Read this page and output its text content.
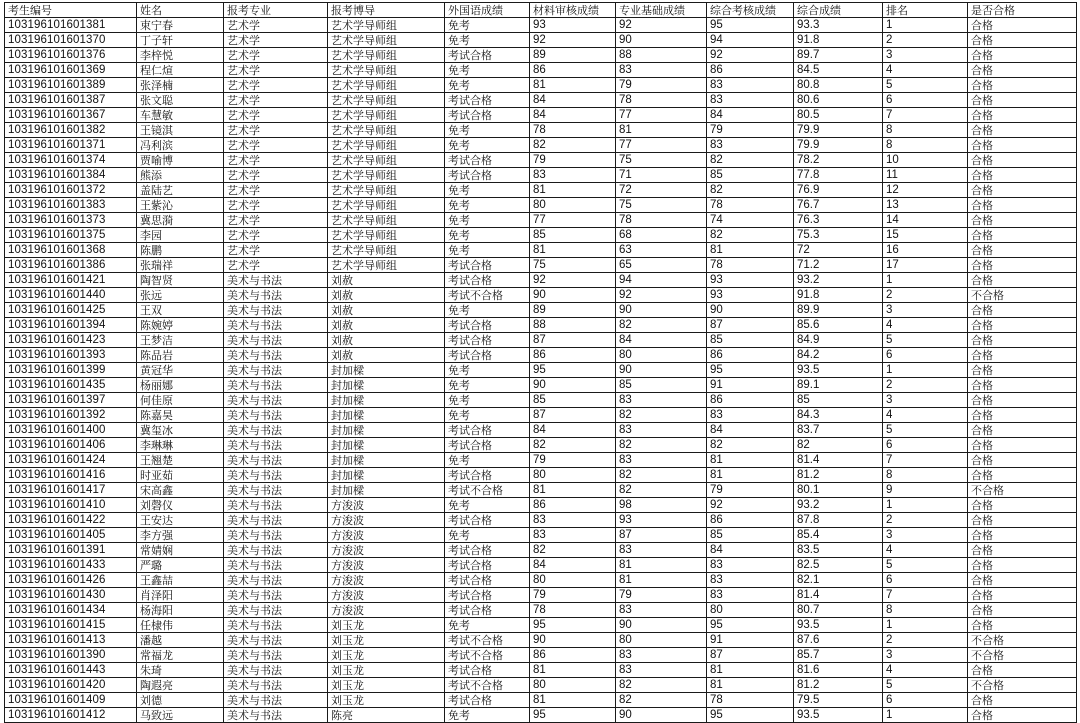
考生编号	姓名	报考专业	报考博导	外国语成绩	材料审核成绩	专业基础成绩	综合考核成绩	综合成绩	排名	是否合格
103196101601381	束宁春	艺术学	艺术学导师组	免考	93	92	95	93.3	1	合格
103196101601370	丁子轩	艺术学	艺术学导师组	免考	92	90	94	91.8	2	合格
103196101601376	李梓悦	艺术学	艺术学导师组	考试合格	89	88	92	89.7	3	合格
103196101601369	程仁煊	艺术学	艺术学导师组	免考	86	83	86	84.5	4	合格
103196101601389	张泽楠	艺术学	艺术学导师组	免考	81	79	83	80.8	5	合格
103196101601387	张文聪	艺术学	艺术学导师组	考试合格	84	78	83	80.6	6	合格
103196101601367	车慧敏	艺术学	艺术学导师组	考试合格	84	77	84	80.5	7	合格
103196101601382	王镜淇	艺术学	艺术学导师组	免考	78	81	79	79.9	8	合格
103196101601371	冯利滨	艺术学	艺术学导师组	免考	82	77	83	79.9	8	合格
103196101601374	贾喻博	艺术学	艺术学导师组	考试合格	79	75	82	78.2	10	合格
103196101601384	熊添	艺术学	艺术学导师组	考试合格	83	71	85	77.8	11	合格
103196101601372	盖陆艺	艺术学	艺术学导师组	免考	81	72	82	76.9	12	合格
103196101601383	王紫沁	艺术学	艺术学导师组	免考	80	75	78	76.7	13	合格
103196101601373	冀思漪	艺术学	艺术学导师组	免考	77	78	74	76.3	14	合格
103196101601375	李园	艺术学	艺术学导师组	免考	85	68	82	75.3	15	合格
103196101601368	陈鹏	艺术学	艺术学导师组	免考	81	63	81	72	16	合格
103196101601386	张瑞祥	艺术学	艺术学导师组	考试合格	75	65	78	71.2	17	合格
103196101601421	陶智贤	美术与书法	刘赦	考试合格	92	94	93	93.2	1	合格
103196101601440	张远	美术与书法	刘赦	考试不合格	90	92	93	91.8	2	不合格
103196101601425	王双	美术与书法	刘赦	免考	89	90	90	89.9	3	合格
103196101601394	陈婉婷	美术与书法	刘赦	考试合格	88	82	87	85.6	4	合格
103196101601423	王梦洁	美术与书法	刘赦	考试合格	87	84	85	84.9	5	合格
103196101601393	陈品岩	美术与书法	刘赦	考试合格	86	80	86	84.2	6	合格
103196101601399	黄冠华	美术与书法	封加樑	免考	95	90	95	93.5	1	合格
103196101601435	杨丽娜	美术与书法	封加樑	免考	90	85	91	89.1	2	合格
103196101601397	何佳原	美术与书法	封加樑	免考	85	83	86	85	3	合格
103196101601392	陈嘉昊	美术与书法	封加樑	免考	87	82	83	84.3	4	合格
103196101601400	冀玺冰	美术与书法	封加樑	考试合格	84	83	84	83.7	5	合格
103196101601406	李琳琳	美术与书法	封加樑	考试合格	82	82	82	82	6	合格
103196101601424	王翘楚	美术与书法	封加樑	免考	79	83	81	81.4	7	合格
103196101601416	时亚茹	美术与书法	封加樑	考试合格	80	82	81	81.2	8	合格
103196101601417	宋高鑫	美术与书法	封加樑	考试不合格	81	82	79	80.1	9	不合格
103196101601410	刘磬仪	美术与书法	方浚波	免考	86	98	92	93.2	1	合格
103196101601422	王安达	美术与书法	方浚波	考试合格	83	93	86	87.8	2	合格
103196101601405	李方强	美术与书法	方浚波	免考	83	87	85	85.4	3	合格
103196101601391	常婧娴	美术与书法	方浚波	考试合格	82	83	84	83.5	4	合格
103196101601433	严璐	美术与书法	方浚波	考试合格	84	81	83	82.5	5	合格
103196101601426	王鑫喆	美术与书法	方浚波	考试合格	80	81	83	82.1	6	合格
103196101601430	肖泽阳	美术与书法	方浚波	考试合格	79	79	83	81.4	7	合格
103196101601434	杨海阳	美术与书法	方浚波	考试合格	78	83	80	80.7	8	合格
103196101601415	任棣伟	美术与书法	刘玉龙	免考	95	90	95	93.5	1	合格
103196101601413	潘越	美术与书法	刘玉龙	考试不合格	90	80	91	87.6	2	不合格
103196101601390	常福龙	美术与书法	刘玉龙	考试不合格	86	83	87	85.7	3	不合格
103196101601443	朱琦	美术与书法	刘玉龙	考试合格	81	83	81	81.6	4	合格
103196101601420	陶遐亮	美术与书法	刘玉龙	考试不合格	80	82	81	81.2	5	不合格
103196101601409	刘德	美术与书法	刘玉龙	考试合格	81	82	78	79.5	6	合格
103196101601412	马致远	美术与书法	陈亮	免考	95	90	95	93.5	1	合格
